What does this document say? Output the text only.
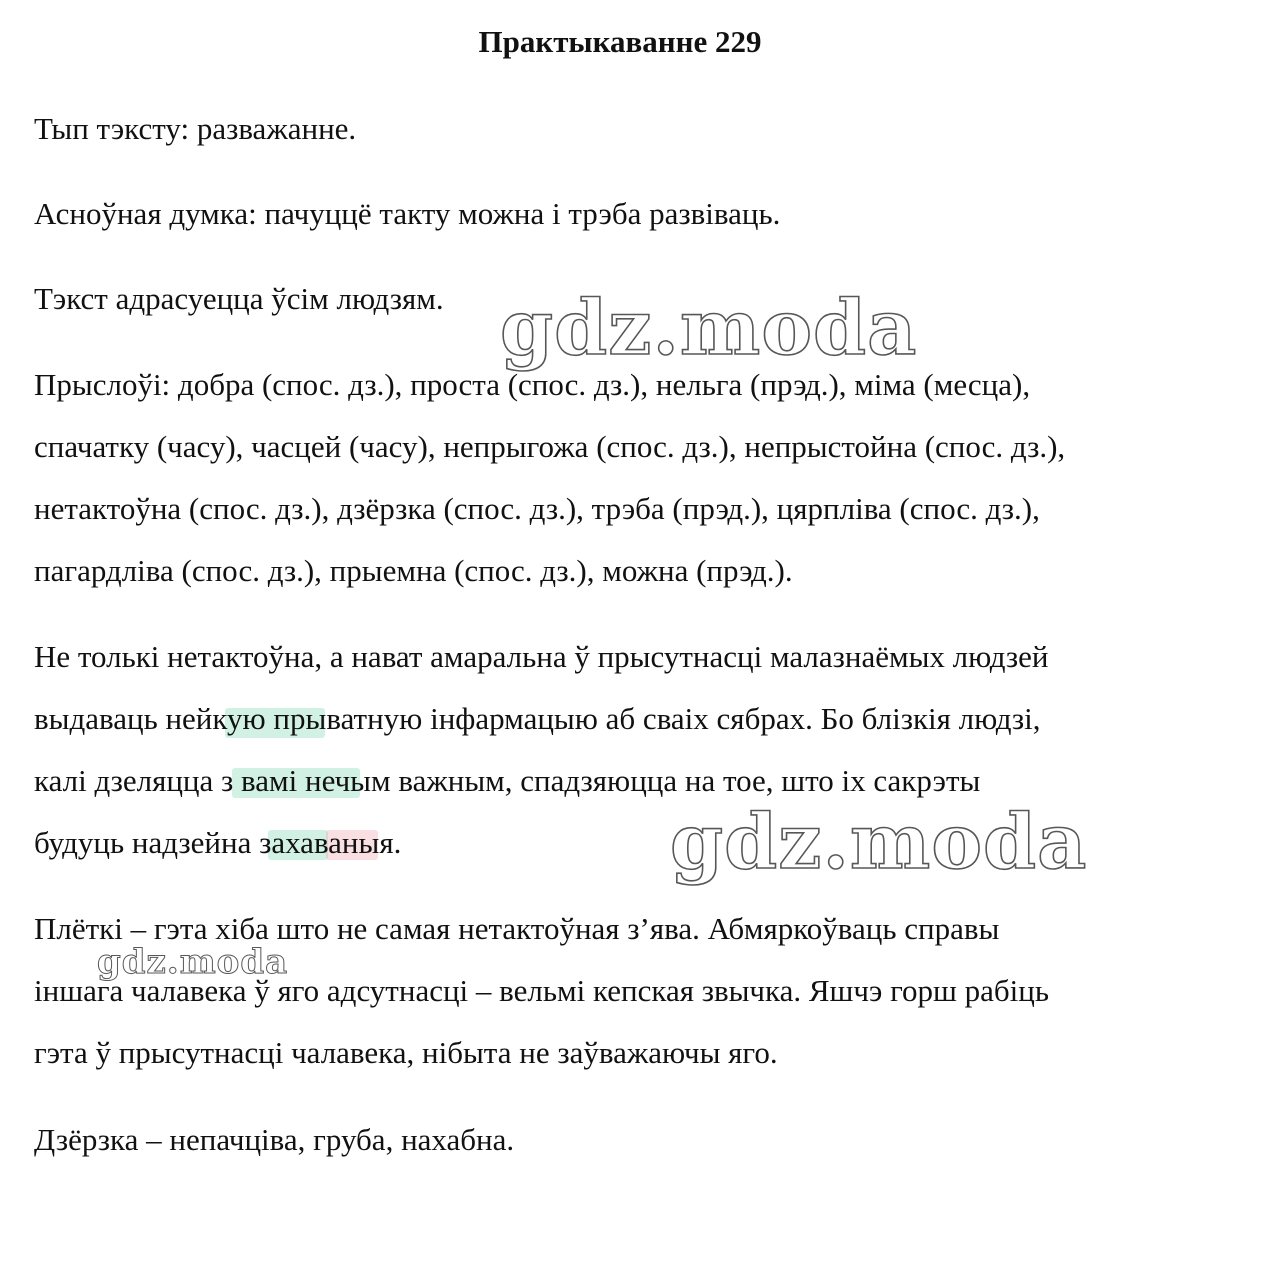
Практыкаванне 229

Тып тэксту: разважанне.

Асноўная думка: пачуццё такту можна і трэба развіваць.

Тэкст адрасуецца ўсім людзям.

Прыслоўі: добра (спос. дз.), проста (спос. дз.), нельга (прэд.), міма (месца),
спачатку (часу), часцей (часу), непрыгожа (спос. дз.), непрыстойна (спос. дз.),
нетактоўна (спос. дз.), дзёрзка (спос. дз.), трэба (прэд.), цярпліва (спос. дз.),
пагардліва (спос. дз.), прыемна (спос. дз.), можна (прэд.).

Не толькі нетактоўна, а нават амаральна ў прысутнасці малазнаёмых людзей
выдаваць нейкую прыватную інфармацыю аб сваіх сябрах. Бо блізкія людзі,
калі дзеляцца з вамі нечым важным, спадзяюцца на тое, што іх сакрэты
будуць надзейна захаваныя.

Плёткі – гэта хіба што не самая нетактоўная з’ява. Абмяркоўваць справы
іншага чалавека ў яго адсутнасці – вельмі кепская звычка. Яшчэ горш рабіць
гэта ў прысутнасці чалавека, нібыта не заўважаючы яго.

Дзёрзка – непачціва, груба, нахабна.

gdz.moda
gdz.moda
gdz.moda
